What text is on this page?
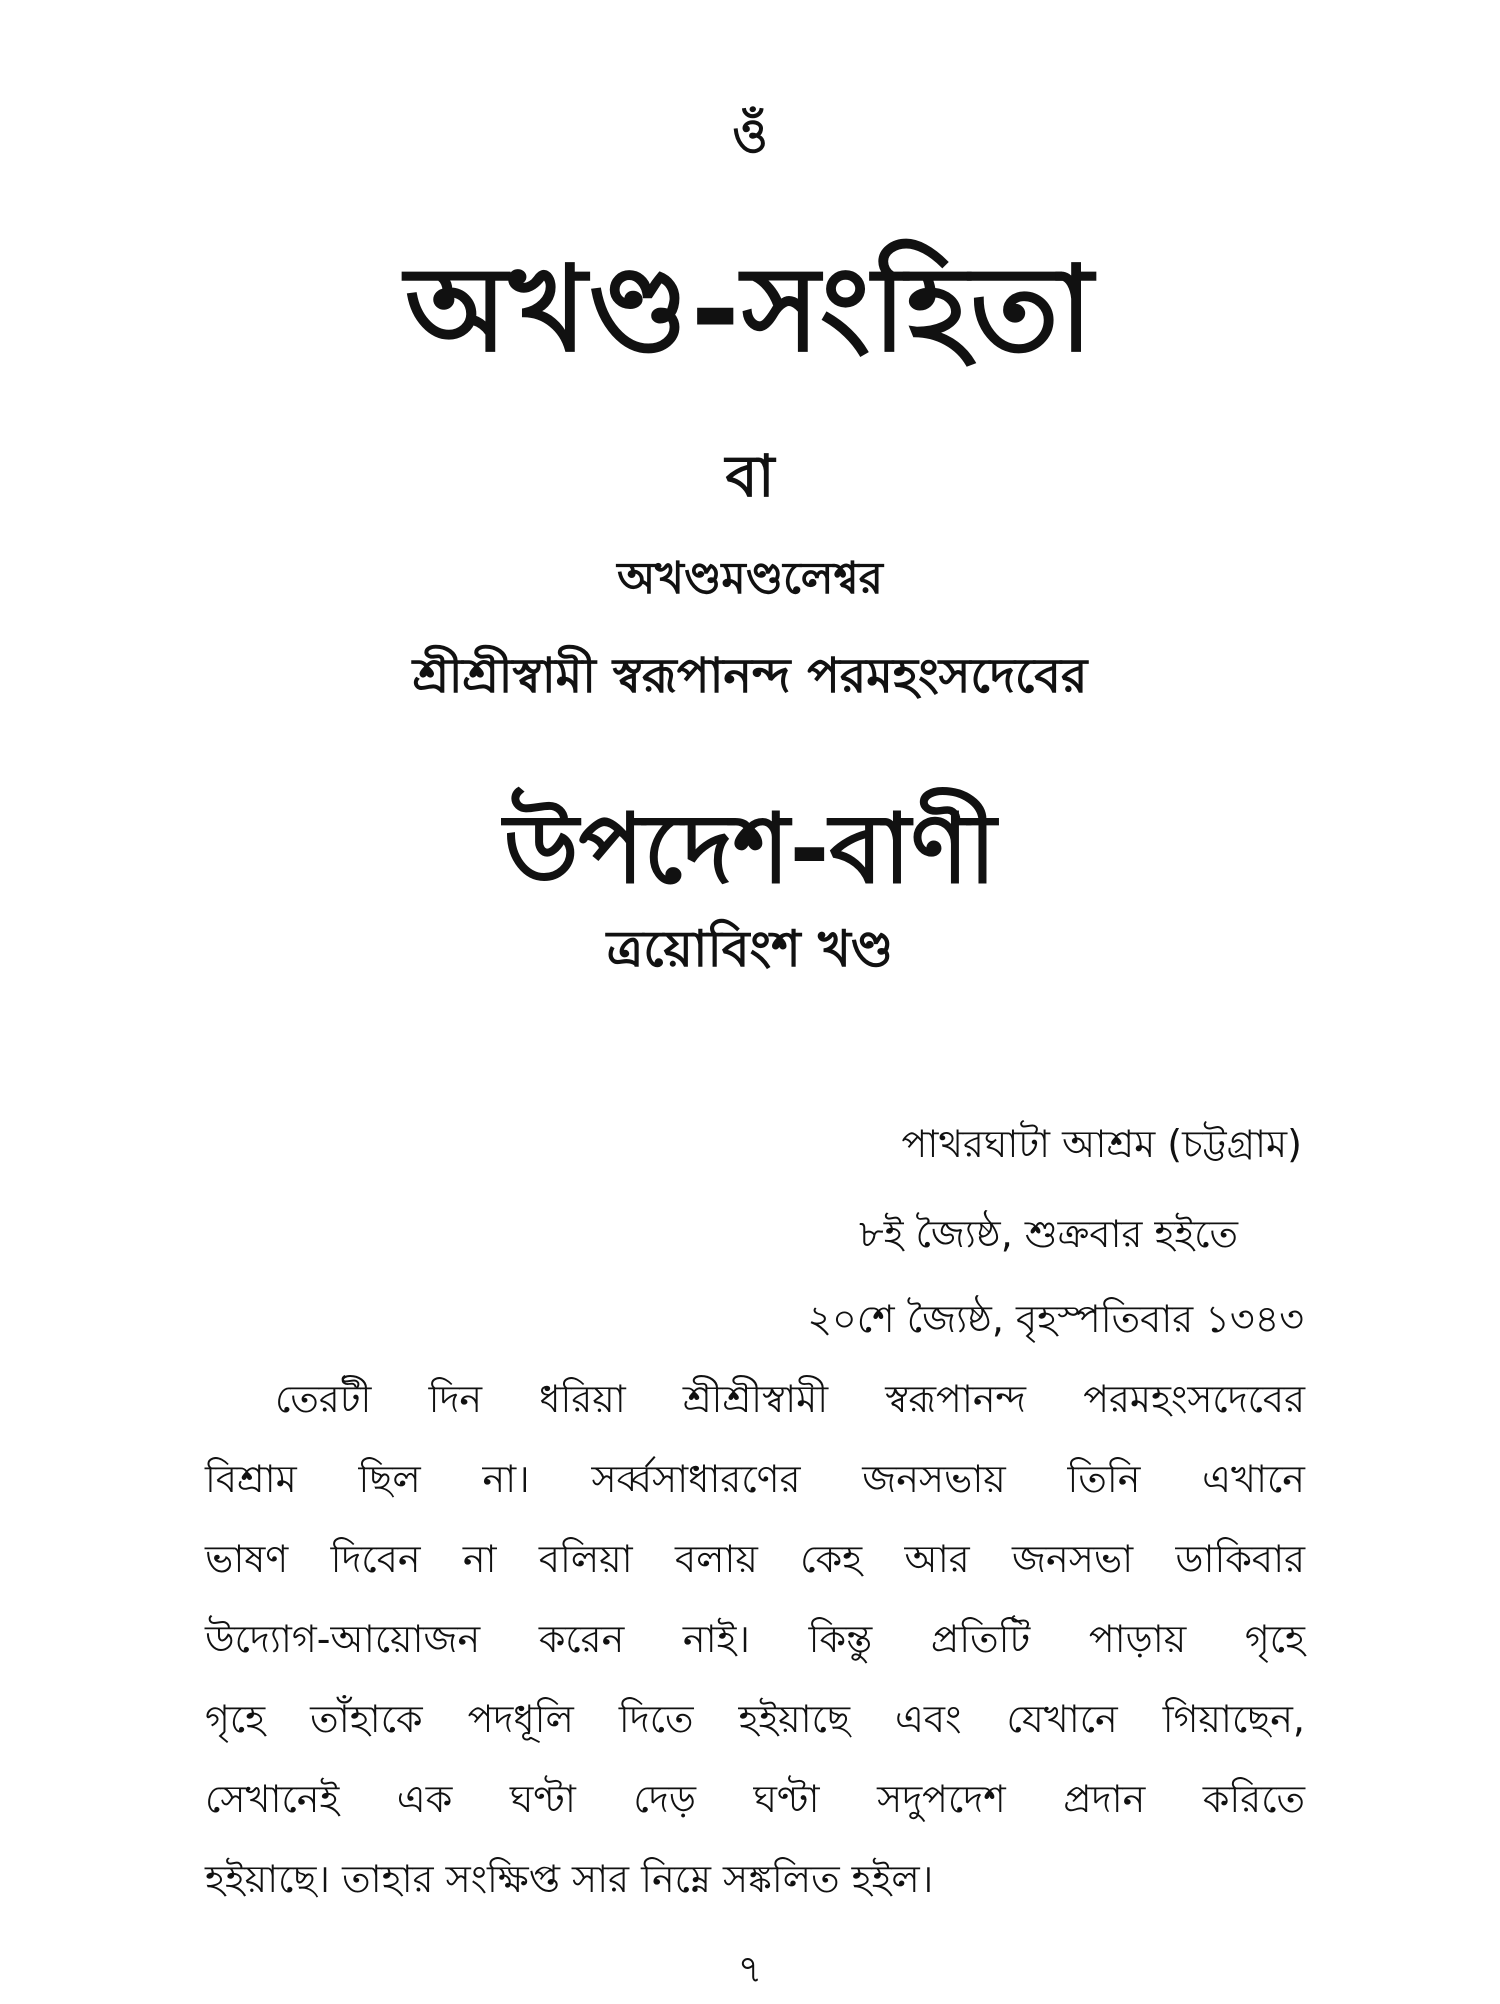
ওঁ
অখণ্ড-সংহিতা
বা
অখণ্ডমণ্ডলেশ্বর
শ্রীশ্রীস্বামী স্বরূপানন্দ পরমহংসদেবের
উপদেশ-বাণী
ত্রয়োবিংশ খণ্ড
পাথরঘাটা আশ্রম (চট্টগ্রাম)
৮ই জ্যৈষ্ঠ, শুক্রবার হইতে
২০শে জ্যৈষ্ঠ, বৃহস্পতিবার ১৩৪৩
তেরটী দিন ধরিয়া শ্রীশ্রীস্বামী স্বরূপানন্দ পরমহংসদেবের
বিশ্রাম ছিল না। সর্ব্বসাধারণের জনসভায় তিনি এখানে
ভাষণ দিবেন না বলিয়া বলায় কেহ আর জনসভা ডাকিবার
উদ্যোগ-আয়োজন করেন নাই। কিন্তু প্রতিটি পাড়ায় গৃহে
গৃহে তাঁহাকে পদধূলি দিতে হইয়াছে এবং যেখানে গিয়াছেন,
সেখানেই এক ঘণ্টা দেড় ঘণ্টা সদুপদেশ প্রদান করিতে
হইয়াছে। তাহার সংক্ষিপ্ত সার নিম্নে সঙ্কলিত হইল।
৭
